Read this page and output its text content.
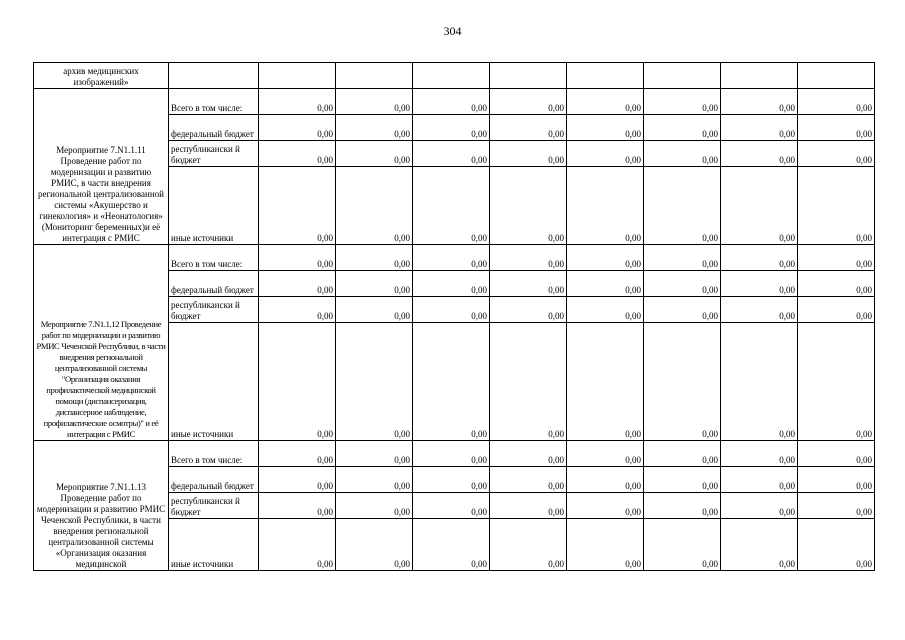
304
архив медицинских изображений»									
Мероприятие 7.N1.1.11 Проведение работ по модернизации и развитию РМИС, в части внедрения региональной централизованной системы «Акушерство и гинекология» и «Неонатология» (Мониторинг беременных)и её интеграция с РМИС	Всего в том числе:	0,00	0,00	0,00	0,00	0,00	0,00	0,00	0,00
	федеральный бюджет	0,00	0,00	0,00	0,00	0,00	0,00	0,00	0,00
	республикански й бюджет	0,00	0,00	0,00	0,00	0,00	0,00	0,00	0,00
	иные источники	0,00	0,00	0,00	0,00	0,00	0,00	0,00	0,00
Мероприятие 7.N1.1.12 Проведение работ по модернизации и развитию РМИС Чеченской Республики, в части внедрения региональной централизованной системы "Организация оказания профилактической медицинской помощи (диспансеризация, диспансерное наблюдение, профилактические осмотры)" и её интеграция с РМИС	Всего в том числе:	0,00	0,00	0,00	0,00	0,00	0,00	0,00	0,00
	федеральный бюджет	0,00	0,00	0,00	0,00	0,00	0,00	0,00	0,00
	республикански й бюджет	0,00	0,00	0,00	0,00	0,00	0,00	0,00	0,00
	иные источники	0,00	0,00	0,00	0,00	0,00	0,00	0,00	0,00
Мероприятие 7.N1.1.13 Проведение работ по модернизации и развитию РМИС Чеченской Республики, в части внедрения региональной централизованной системы «Организация оказания медицинской	Всего в том числе:	0,00	0,00	0,00	0,00	0,00	0,00	0,00	0,00
	федеральный бюджет	0,00	0,00	0,00	0,00	0,00	0,00	0,00	0,00
	республикански й бюджет	0,00	0,00	0,00	0,00	0,00	0,00	0,00	0,00
	иные источники	0,00	0,00	0,00	0,00	0,00	0,00	0,00	0,00
